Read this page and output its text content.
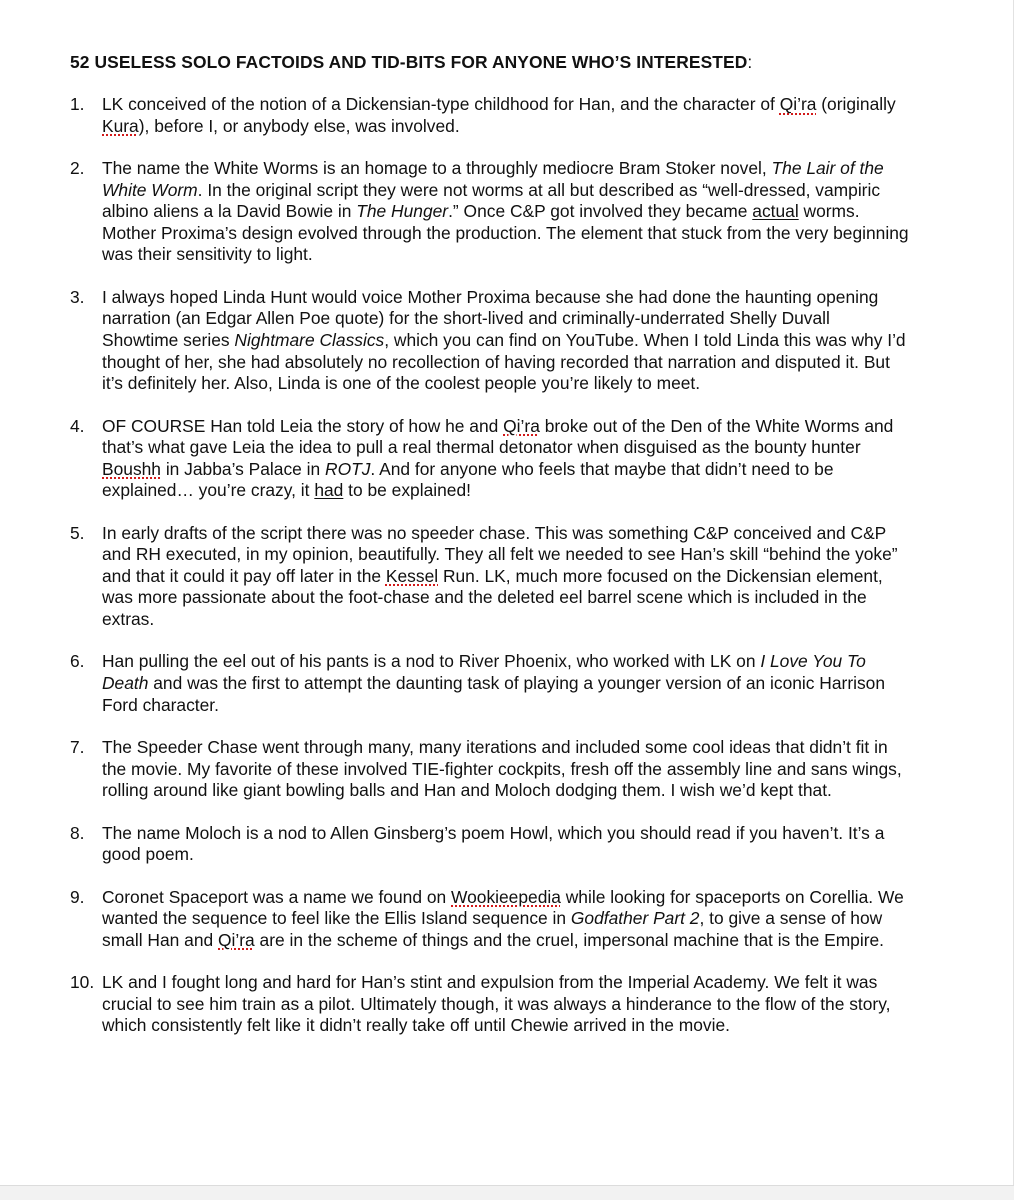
52 USELESS SOLO FACTOIDS AND TID-BITS FOR ANYONE WHO’S INTERESTED:
1. LK conceived of the notion of a Dickensian-type childhood for Han, and the character of Qi’ra (originally Kura), before I, or anybody else, was involved.
2. The name the White Worms is an homage to a throughly mediocre Bram Stoker novel, The Lair of the White Worm. In the original script they were not worms at all but described as “well-dressed, vampiric albino aliens a la David Bowie in The Hunger.” Once C&P got involved they became actual worms. Mother Proxima’s design evolved through the production. The element that stuck from the very beginning was their sensitivity to light.
3. I always hoped Linda Hunt would voice Mother Proxima because she had done the haunting opening narration (an Edgar Allen Poe quote) for the short-lived and criminally-underrated Shelly Duvall Showtime series Nightmare Classics, which you can find on YouTube. When I told Linda this was why I’d thought of her, she had absolutely no recollection of having recorded that narration and disputed it. But it’s definitely her. Also, Linda is one of the coolest people you’re likely to meet.
4. OF COURSE Han told Leia the story of how he and Qi’ra broke out of the Den of the White Worms and that’s what gave Leia the idea to pull a real thermal detonator when disguised as the bounty hunter Boushh in Jabba’s Palace in ROTJ. And for anyone who feels that maybe that didn’t need to be explained… you’re crazy, it had to be explained!
5. In early drafts of the script there was no speeder chase. This was something C&P conceived and C&P and RH executed, in my opinion, beautifully. They all felt we needed to see Han’s skill “behind the yoke” and that it could it pay off later in the Kessel Run. LK, much more focused on the Dickensian element, was more passionate about the foot-chase and the deleted eel barrel scene which is included in the extras.
6. Han pulling the eel out of his pants is a nod to River Phoenix, who worked with LK on I Love You To Death and was the first to attempt the daunting task of playing a younger version of an iconic Harrison Ford character.
7. The Speeder Chase went through many, many iterations and included some cool ideas that didn’t fit in the movie. My favorite of these involved TIE-fighter cockpits, fresh off the assembly line and sans wings, rolling around like giant bowling balls and Han and Moloch dodging them. I wish we’d kept that.
8. The name Moloch is a nod to Allen Ginsberg’s poem Howl, which you should read if you haven’t. It’s a good poem.
9. Coronet Spaceport was a name we found on Wookieepedia while looking for spaceports on Corellia. We wanted the sequence to feel like the Ellis Island sequence in Godfather Part 2, to give a sense of how small Han and Qi’ra are in the scheme of things and the cruel, impersonal machine that is the Empire.
10. LK and I fought long and hard for Han’s stint and expulsion from the Imperial Academy. We felt it was crucial to see him train as a pilot. Ultimately though, it was always a hinderance to the flow of the story, which consistently felt like it didn’t really take off until Chewie arrived in the movie.
